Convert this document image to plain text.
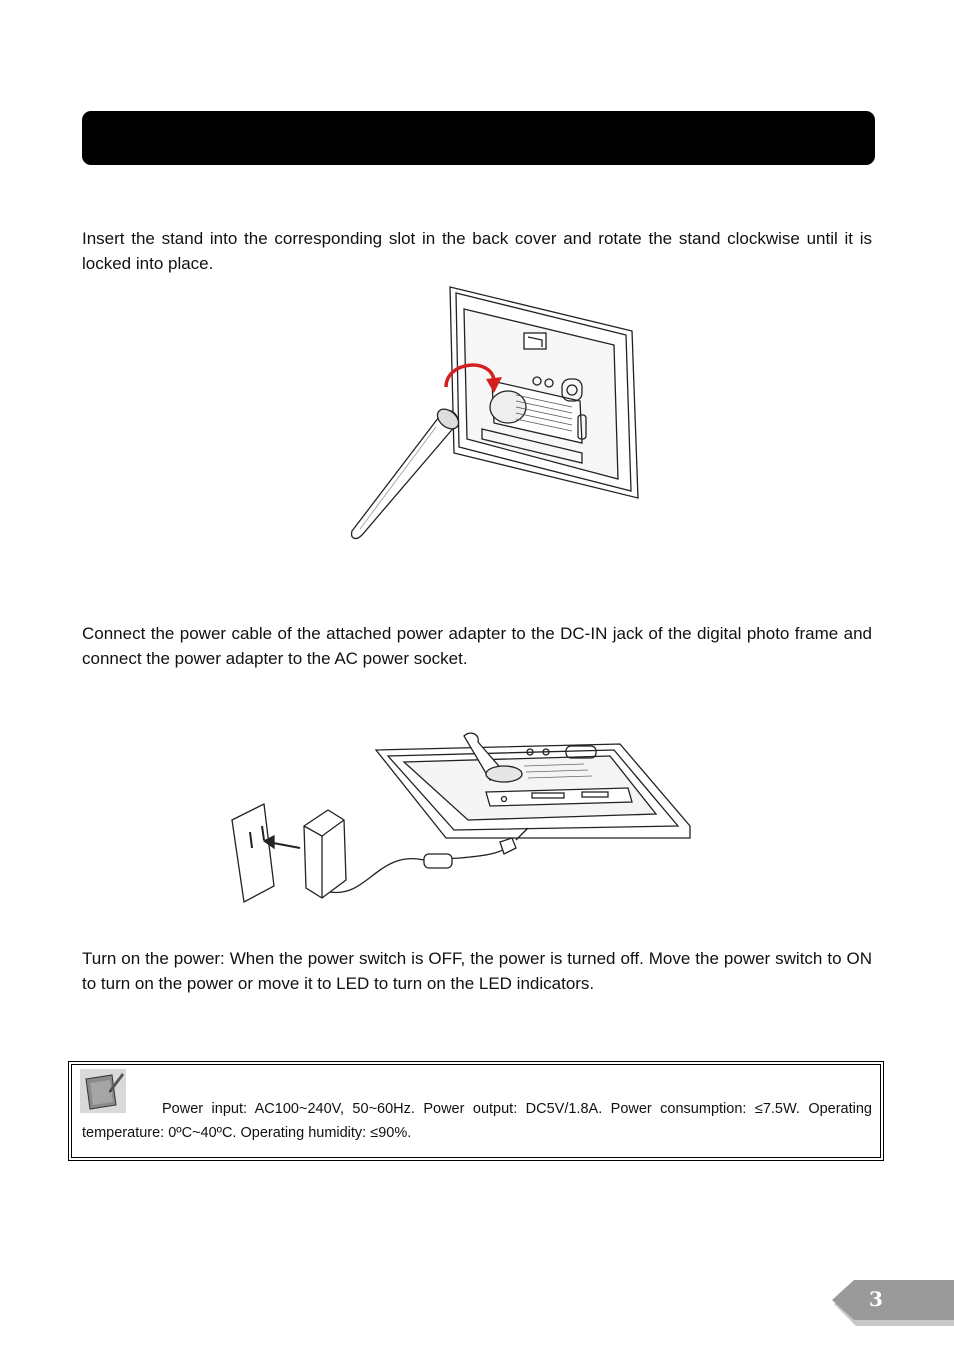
Insert the stand into the corresponding slot in the back cover and rotate the stand clockwise until it is locked into place.

Connect the power cable of the attached power adapter to the DC-IN jack of the digital photo frame and connect the power adapter to the AC power socket.

Turn on the power: When the power switch is OFF, the power is turned off. Move the power switch to ON to turn on the power or move it to LED to turn on the LED indicators.

Power input: AC100~240V, 50~60Hz. Power output: DC5V/1.8A. Power consumption: ≤7.5W. Operating temperature: 0ºC~40ºC. Operating humidity: ≤90%.

3
